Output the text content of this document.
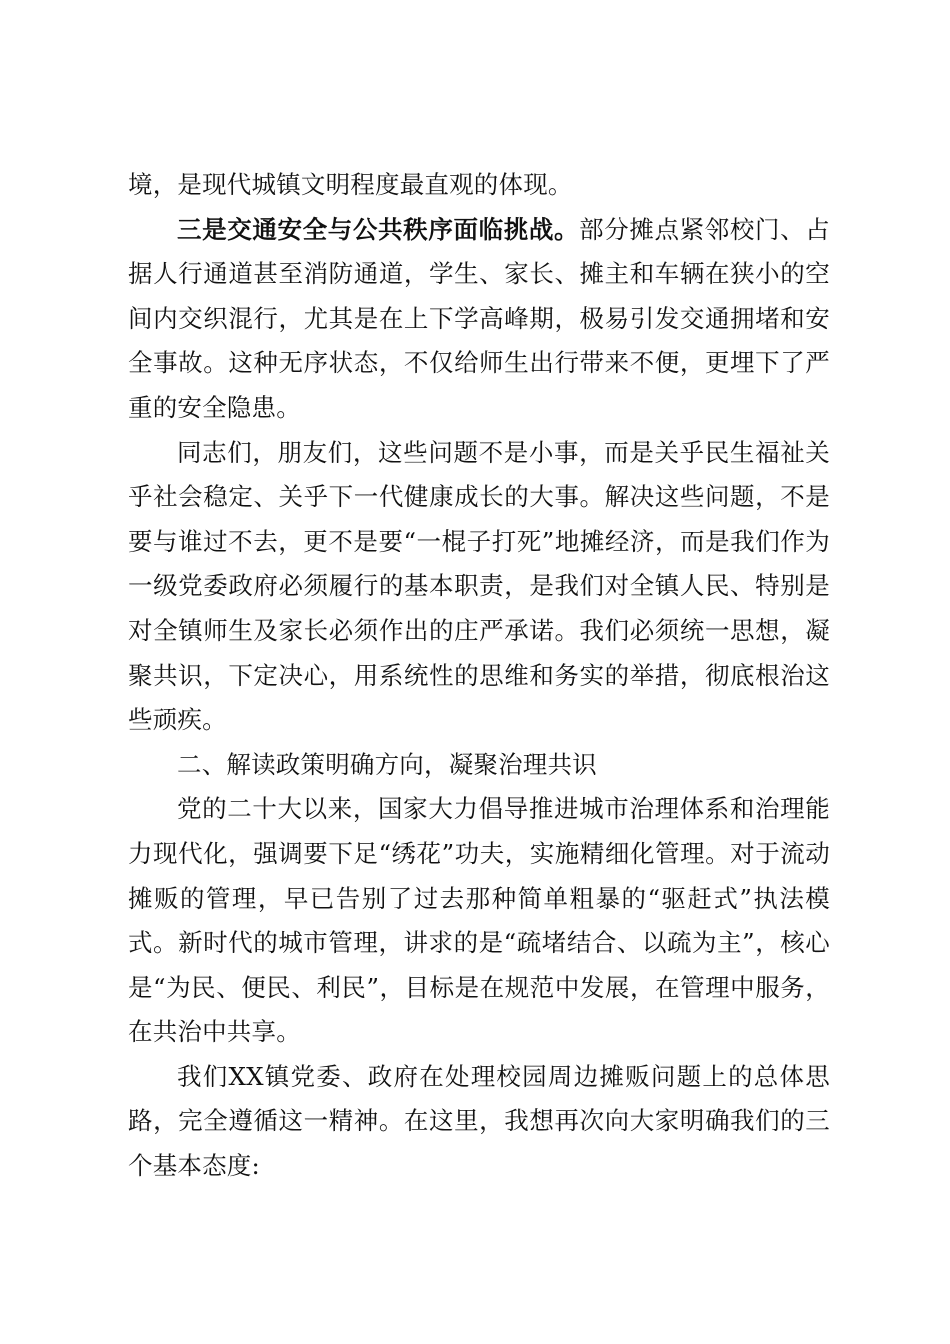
境，是现代城镇文明程度最直观的体现。

三是交通安全与公共秩序面临挑战。部分摊点紧邻校门、占据人行通道甚至消防通道，学生、家长、摊主和车辆在狭小的空间内交织混行，尤其是在上下学高峰期，极易引发交通拥堵和安全事故。这种无序状态，不仅给师生出行带来不便，更埋下了严重的安全隐患。

同志们，朋友们，这些问题不是小事，而是关乎民生福祉关乎社会稳定、关乎下一代健康成长的大事。解决这些问题，不是要与谁过不去，更不是要“一棍子打死”地摊经济，而是我们作为一级党委政府必须履行的基本职责，是我们对全镇人民、特别是对全镇师生及家长必须作出的庄严承诺。我们必须统一思想，凝聚共识，下定决心，用系统性的思维和务实的举措，彻底根治这些顽疾。

二、解读政策明确方向，凝聚治理共识

党的二十大以来，国家大力倡导推进城市治理体系和治理能力现代化，强调要下足“绣花”功夫，实施精细化管理。对于流动摊贩的管理，早已告别了过去那种简单粗暴的“驱赶式”执法模式。新时代的城市管理，讲求的是“疏堵结合、以疏为主”，核心是“为民、便民、利民”，目标是在规范中发展，在管理中服务，在共治中共享。

我们XX镇党委、政府在处理校园周边摊贩问题上的总体思路，完全遵循这一精神。在这里，我想再次向大家明确我们的三个基本态度:
